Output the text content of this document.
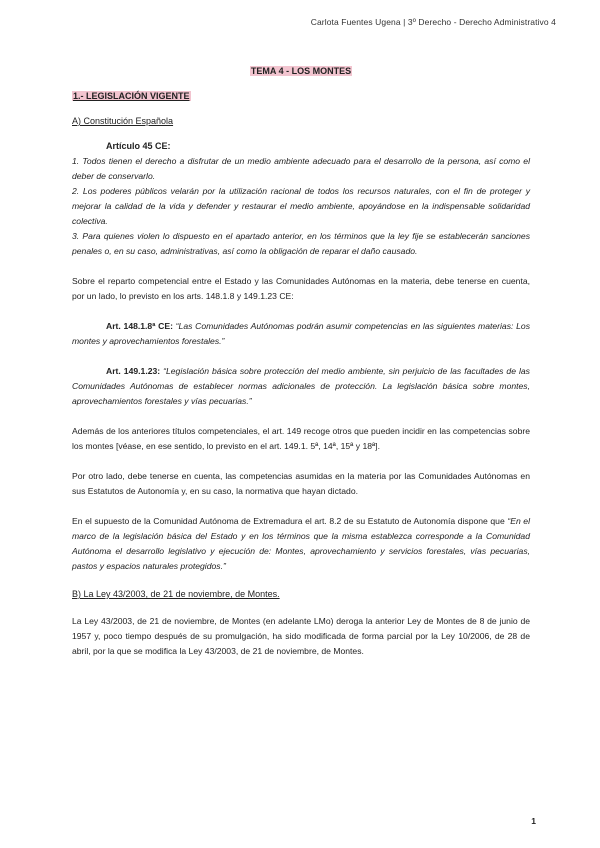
Carlota Fuentes Ugena | 3º Derecho - Derecho Administrativo 4
TEMA 4 - LOS MONTES
1.- LEGISLACIÓN VIGENTE
A) Constitución Española
Artículo 45 CE:

1. Todos tienen el derecho a disfrutar de un medio ambiente adecuado para el desarrollo de la persona, así como el deber de conservarlo.

2. Los poderes públicos velarán por la utilización racional de todos los recursos naturales, con el fin de proteger y mejorar la calidad de la vida y defender y restaurar el medio ambiente, apoyándose en la indispensable solidaridad colectiva.

3. Para quienes violen lo dispuesto en el apartado anterior, en los términos que la ley fije se establecerán sanciones penales o, en su caso, administrativas, así como la obligación de reparar el daño causado.

Sobre el reparto competencial entre el Estado y las Comunidades Autónomas en la materia, debe tenerse en cuenta, por un lado, lo previsto en los arts. 148.1.8 y 149.1.23 CE:

Art. 148.1.8ª CE: “Las Comunidades Autónomas podrán asumir competencias en las siguientes materias: Los montes y aprovechamientos forestales.”

Art. 149.1.23: “Legislación básica sobre protección del medio ambiente, sin perjuicio de las facultades de las Comunidades Autónomas de establecer normas adicionales de protección. La legislación básica sobre montes, aprovechamientos forestales y vías pecuarias.”

Además de los anteriores títulos competenciales, el art. 149 recoge otros que pueden incidir en las competencias sobre los montes [véase, en ese sentido, lo previsto en el art. 149.1. 5ª, 14ª, 15ª y 18ª].

Por otro lado, debe tenerse en cuenta, las competencias asumidas en la materia por las Comunidades Autónomas en sus Estatutos de Autonomía y, en su caso, la normativa que hayan dictado.

En el supuesto de la Comunidad Autónoma de Extremadura el art. 8.2 de su Estatuto de Autonomía dispone que “En el marco de la legislación básica del Estado y en los términos que la misma establezca corresponde a la Comunidad Autónoma el desarrollo legislativo y ejecución de: Montes, aprovechamiento y servicios forestales, vías pecuarias, pastos y espacios naturales protegidos.”

B) La Ley 43/2003, de 21 de noviembre, de Montes.

La Ley 43/2003, de 21 de noviembre, de Montes (en adelante LMo) deroga la anterior Ley de Montes de 8 de junio de 1957 y, poco tiempo después de su promulgación, ha sido modificada de forma parcial por la Ley 10/2006, de 28 de abril, por la que se modifica la Ley 43/2003, de 21 de noviembre, de Montes.

1
